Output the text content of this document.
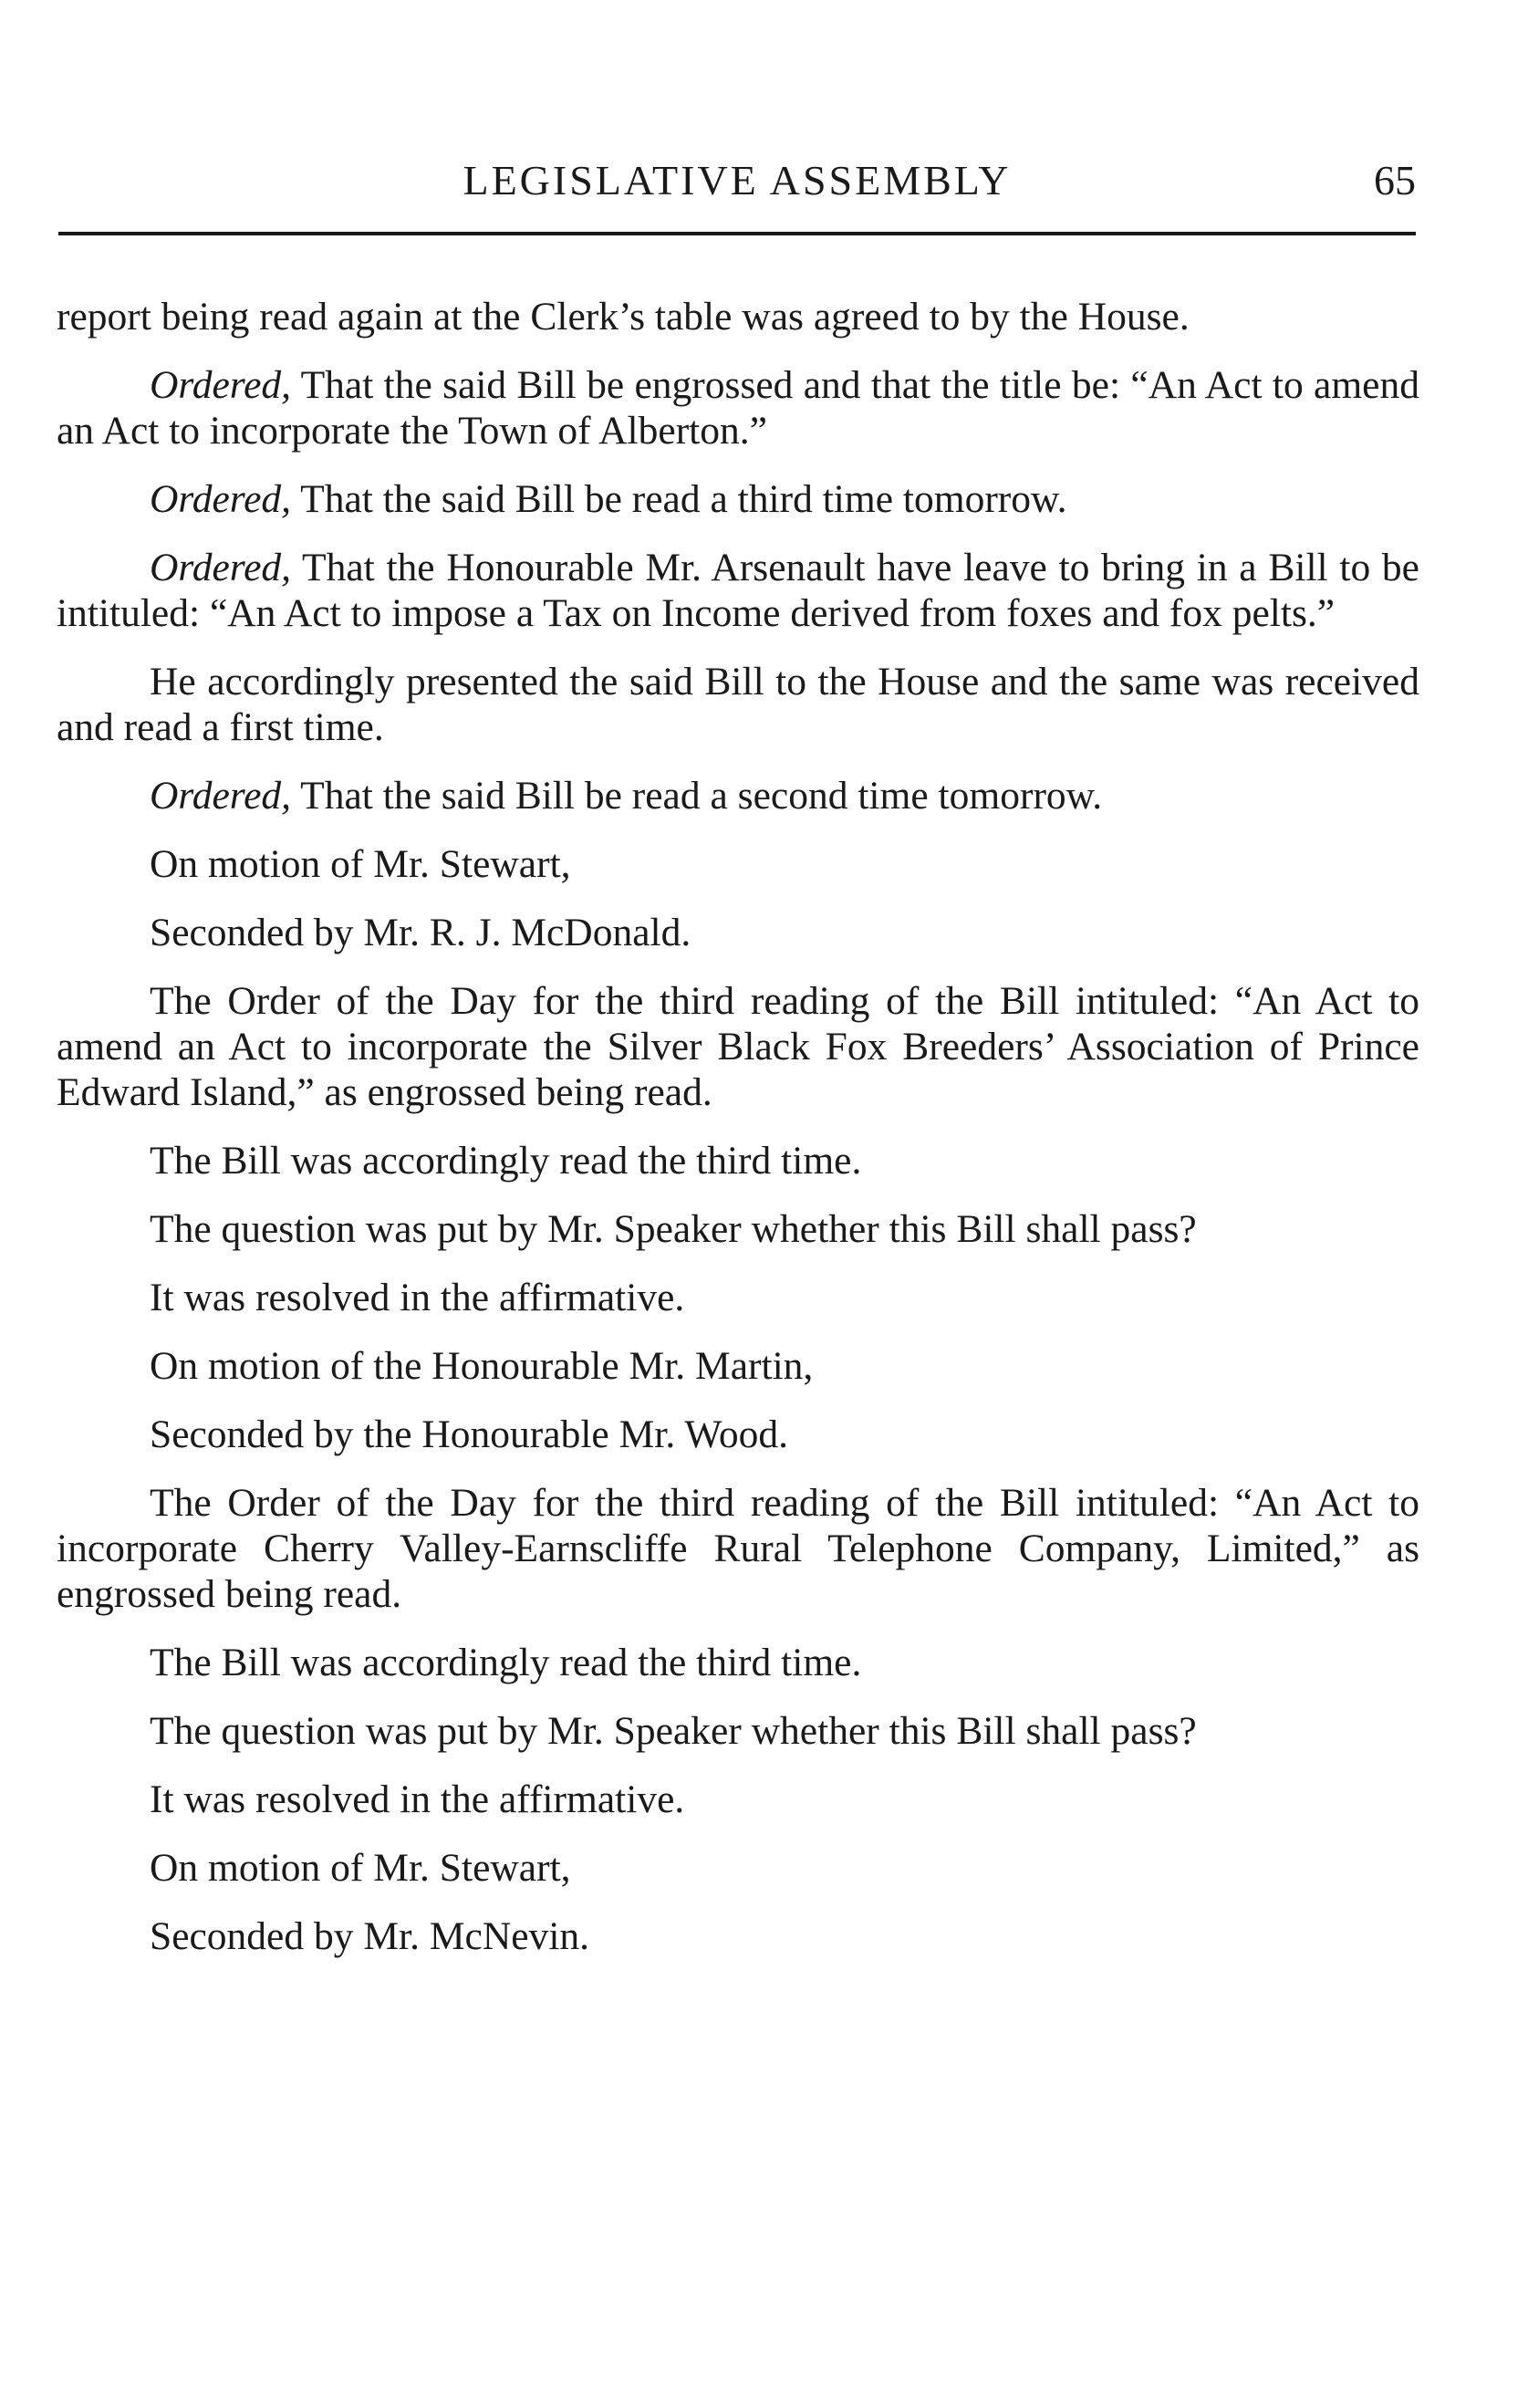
LEGISLATIVE ASSEMBLY	65

report being read again at the Clerk’s table was agreed to by the House.

Ordered, That the said Bill be engrossed and that the title be: “An Act to amend an Act to incorporate the Town of Alberton.”

Ordered, That the said Bill be read a third time tomorrow.

Ordered, That the Honourable Mr. Arsenault have leave to bring in a Bill to be intituled: “An Act to impose a Tax on Income derived from foxes and fox pelts.”

He accordingly presented the said Bill to the House and the same was received and read a first time.

Ordered, That the said Bill be read a second time tomorrow.

On motion of Mr. Stewart,

Seconded by Mr. R. J. McDonald.

The Order of the Day for the third reading of the Bill intituled: “An Act to amend an Act to incorporate the Silver Black Fox Breeders’ Association of Prince Edward Island,” as engrossed being read.

The Bill was accordingly read the third time.

The question was put by Mr. Speaker whether this Bill shall pass?

It was resolved in the affirmative.

On motion of the Honourable Mr. Martin,

Seconded by the Honourable Mr. Wood.

The Order of the Day for the third reading of the Bill intituled: “An Act to incorporate Cherry Valley-Earnscliffe Rural Telephone Company, Limited,” as engrossed being read.

The Bill was accordingly read the third time.

The question was put by Mr. Speaker whether this Bill shall pass?

It was resolved in the affirmative.

On motion of Mr. Stewart,

Seconded by Mr. McNevin.
